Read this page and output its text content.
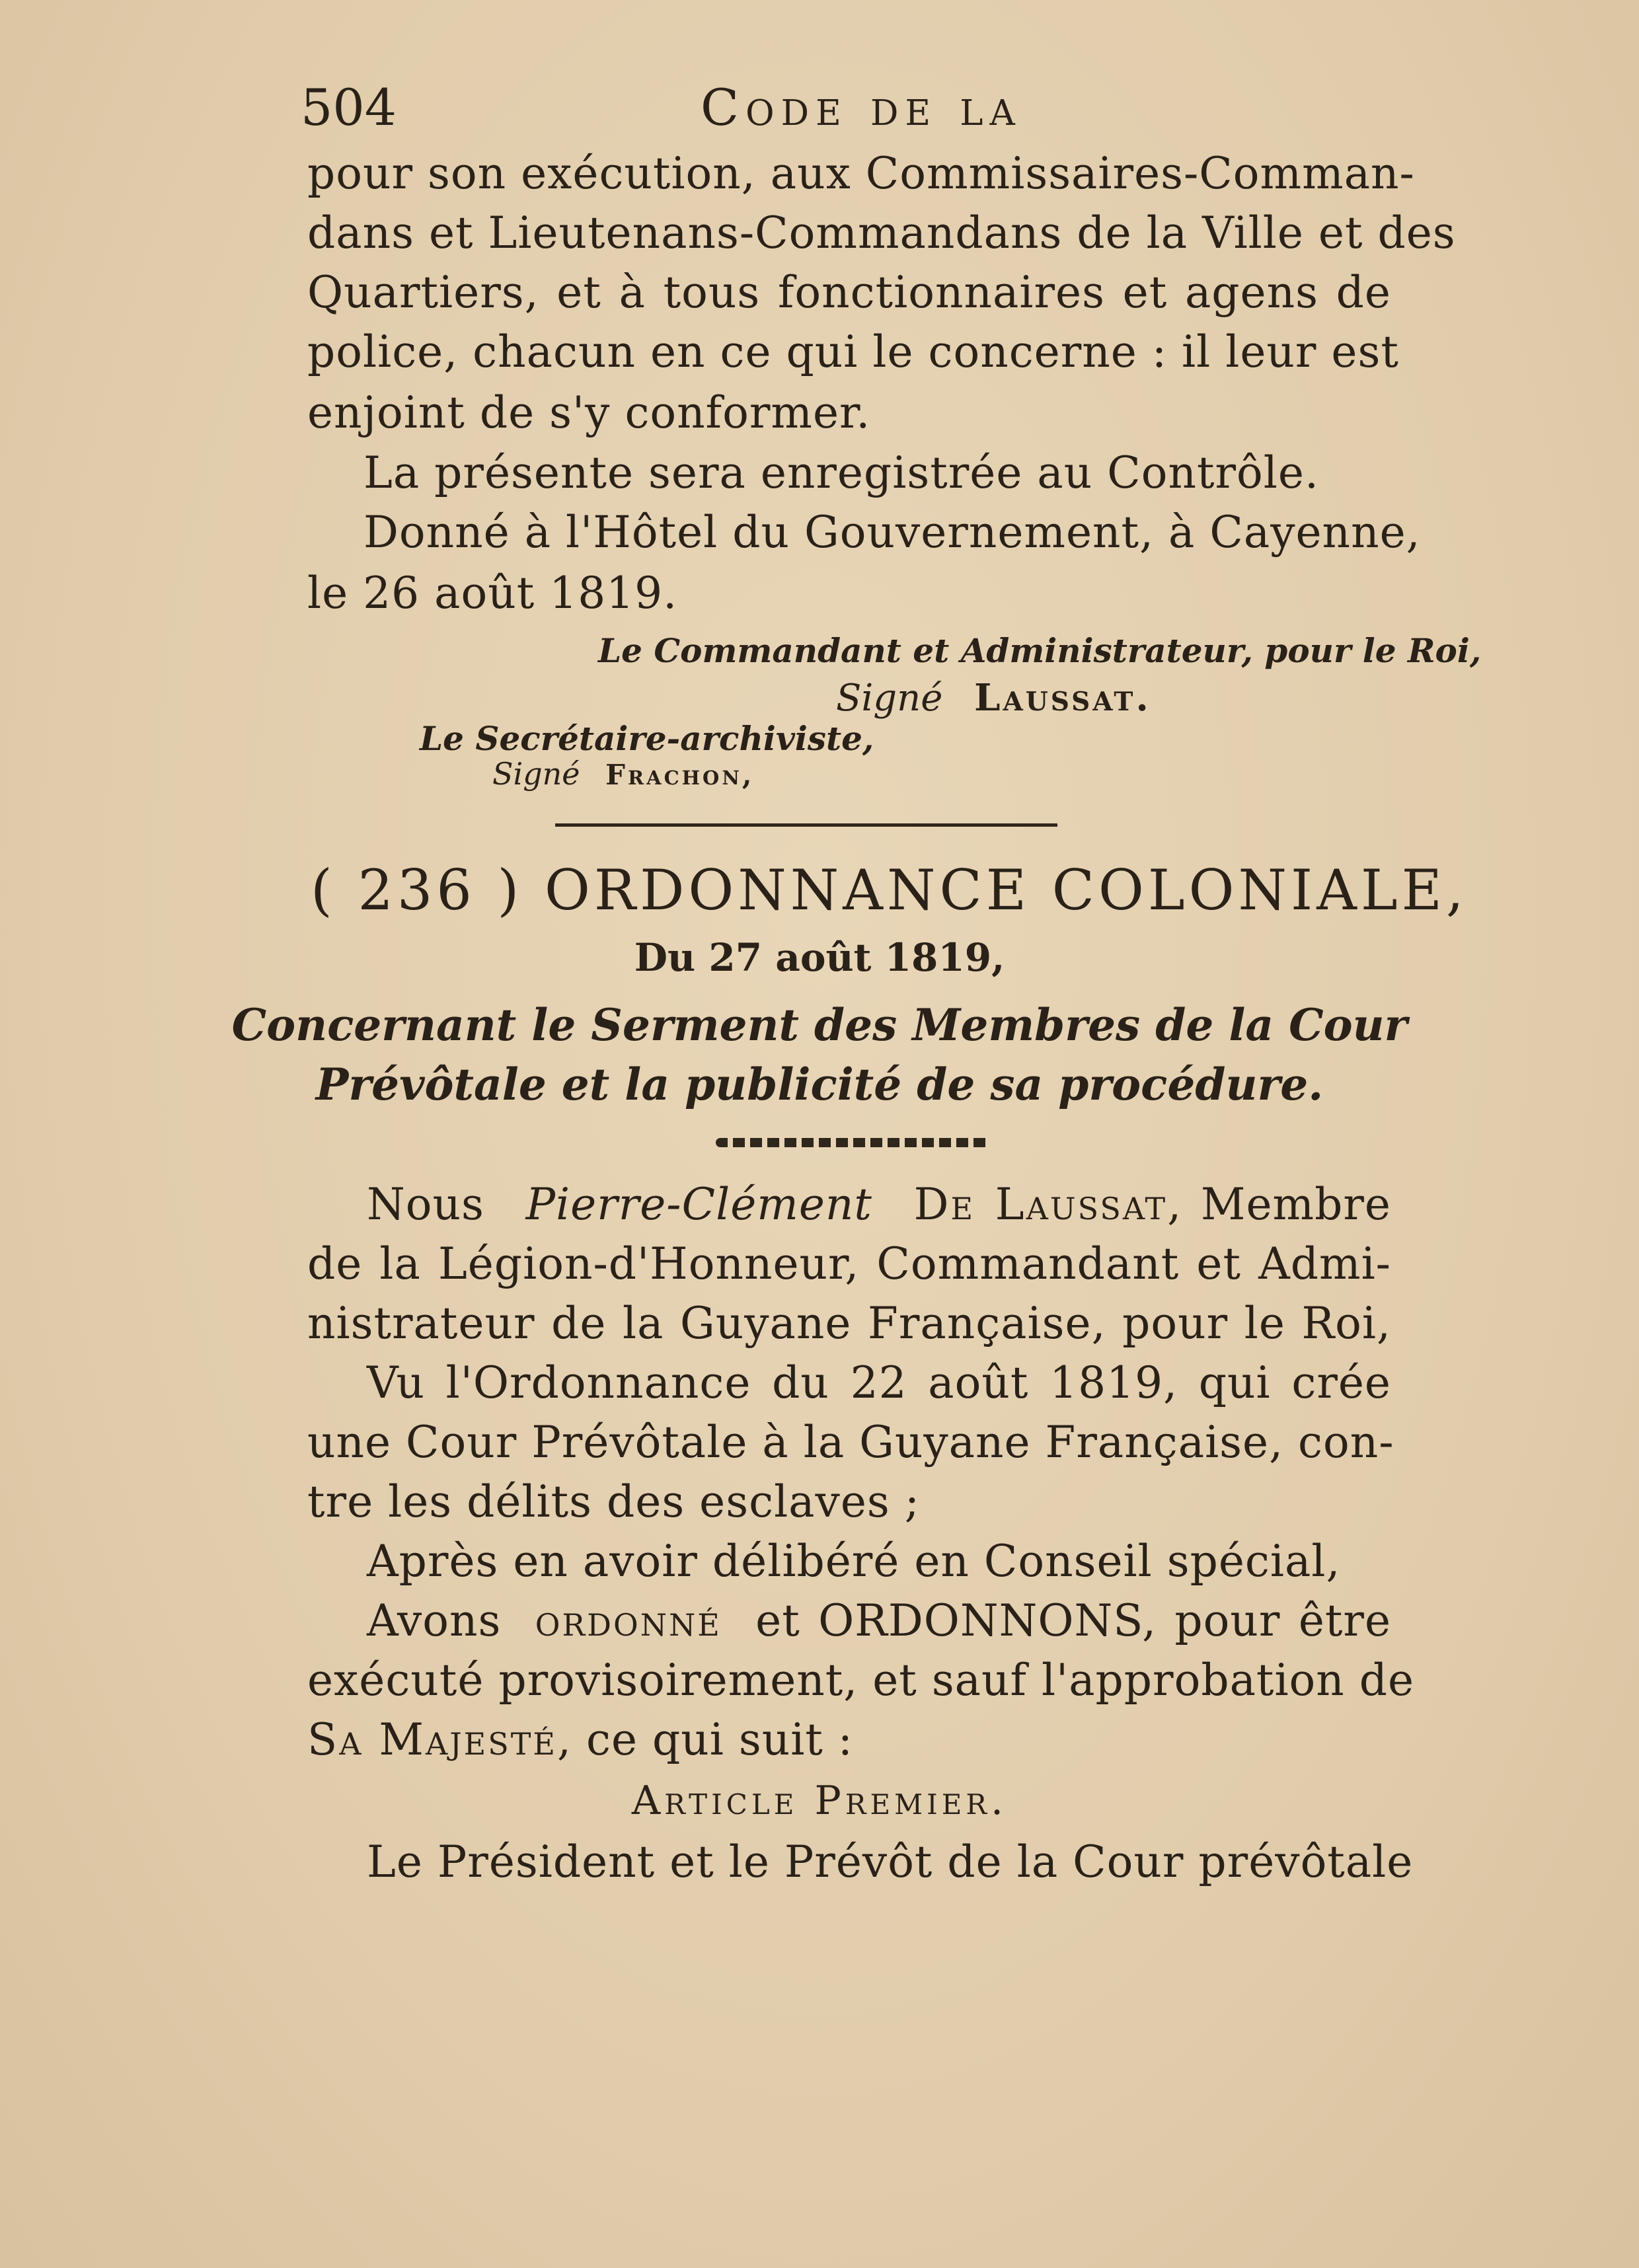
504	Code de la
pour son exécution, aux Commissaires-Comman-
dans et Lieutenans-Commandans de la Ville et des
Quartiers, et à tous fonctionnaires et agens de
police, chacun en ce qui le concerne : il leur est
enjoint de s'y conformer.
La présente sera enregistrée au Contrôle.
Donné à l'Hôtel du Gouvernement, à Cayenne,
le 26 août 1819.
Le Commandant et Administrateur, pour le Roi,
Signé Laussat.
Le Secrétaire-archiviste,
Signé Frachon,
( 236 ) ORDONNANCE COLONIALE,
Du 27 août 1819,
Concernant le Serment des Membres de la Cour
Prévôtale et la publicité de sa procédure.
Nous Pierre-Clément De Laussat, Membre
de la Légion-d'Honneur, Commandant et Admi-
nistrateur de la Guyane Française, pour le Roi,
Vu l'Ordonnance du 22 août 1819, qui crée
une Cour Prévôtale à la Guyane Française, con-
tre les délits des esclaves ;
Après en avoir délibéré en Conseil spécial,
Avons ordonné et ORDONNONS, pour être
exécuté provisoirement, et sauf l'approbation de
Sa Majesté, ce qui suit :
Article Premier.
Le Président et le Prévôt de la Cour prévôtale
